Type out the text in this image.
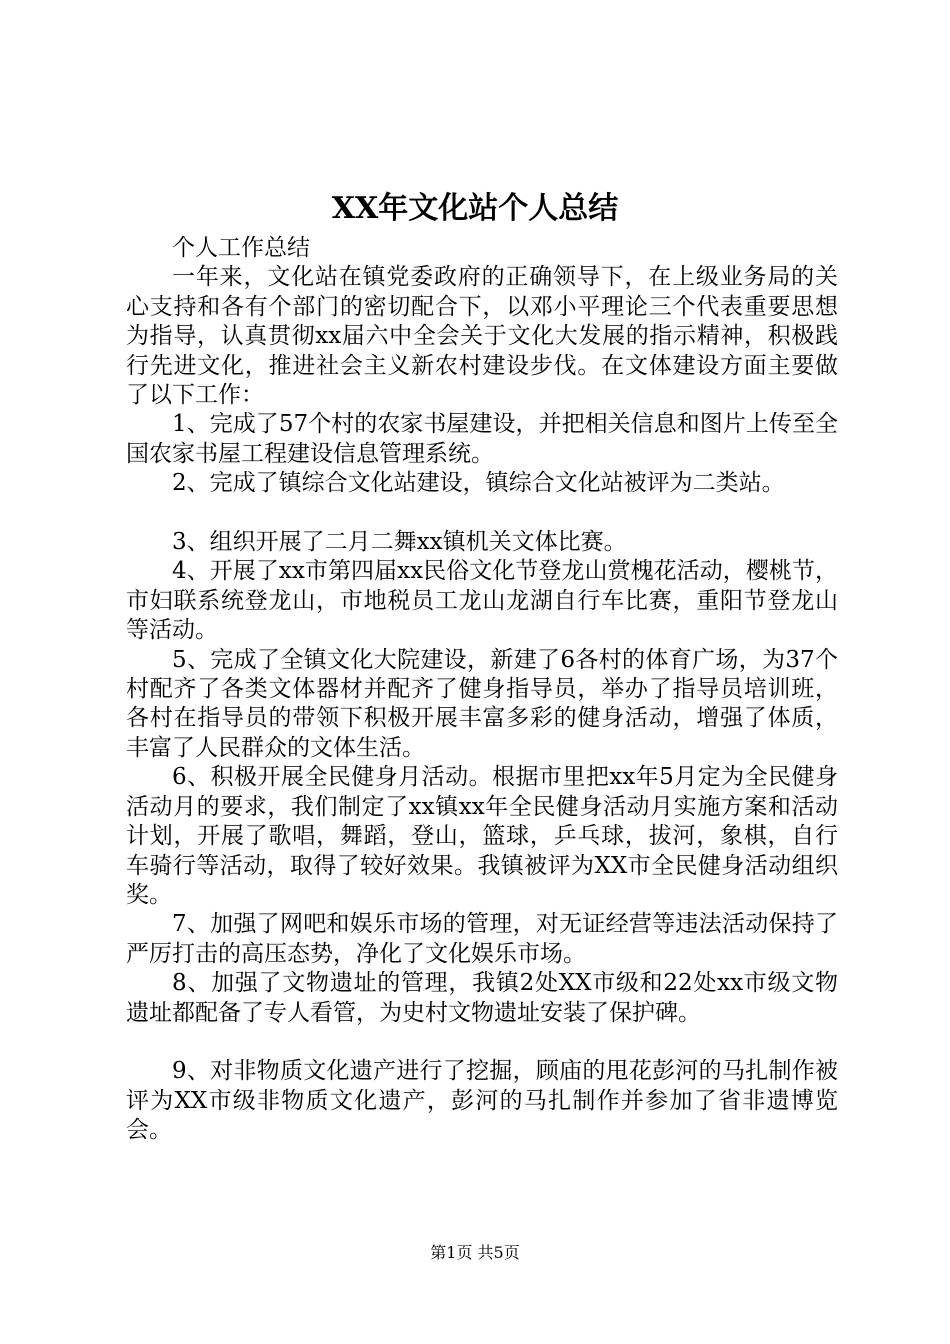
XX年文化站个人总结

个人工作总结

一年来，文化站在镇党委政府的正确领导下，在上级业务局的关心支持和各有个部门的密切配合下，以邓小平理论三个代表重要思想为指导，认真贯彻xx届六中全会关于文化大发展的指示精神，积极践行先进文化，推进社会主义新农村建设步伐。在文体建设方面主要做了以下工作：

1、完成了57个村的农家书屋建设，并把相关信息和图片上传至全国农家书屋工程建设信息管理系统。

2、完成了镇综合文化站建设，镇综合文化站被评为二类站。

3、组织开展了二月二舞xx镇机关文体比赛。

4、开展了xx市第四届xx民俗文化节登龙山赏槐花活动，樱桃节，市妇联系统登龙山，市地税员工龙山龙湖自行车比赛，重阳节登龙山等活动。

5、完成了全镇文化大院建设，新建了6各村的体育广场，为37个村配齐了各类文体器材并配齐了健身指导员，举办了指导员培训班，各村在指导员的带领下积极开展丰富多彩的健身活动，增强了体质，丰富了人民群众的文体生活。

6、积极开展全民健身月活动。根据市里把xx年5月定为全民健身活动月的要求，我们制定了xx镇xx年全民健身活动月实施方案和活动计划，开展了歌唱，舞蹈，登山，篮球，乒乓球，拔河，象棋，自行车骑行等活动，取得了较好效果。我镇被评为XX市全民健身活动组织奖。

7、加强了网吧和娱乐市场的管理，对无证经营等违法活动保持了严厉打击的高压态势，净化了文化娱乐市场。

8、加强了文物遗址的管理，我镇2处XX市级和22处xx市级文物遗址都配备了专人看管，为史村文物遗址安装了保护碑。

9、对非物质文化遗产进行了挖掘，顾庙的甩花彭河的马扎制作被评为XX市级非物质文化遗产，彭河的马扎制作并参加了省非遗博览会。

第1页 共5页
